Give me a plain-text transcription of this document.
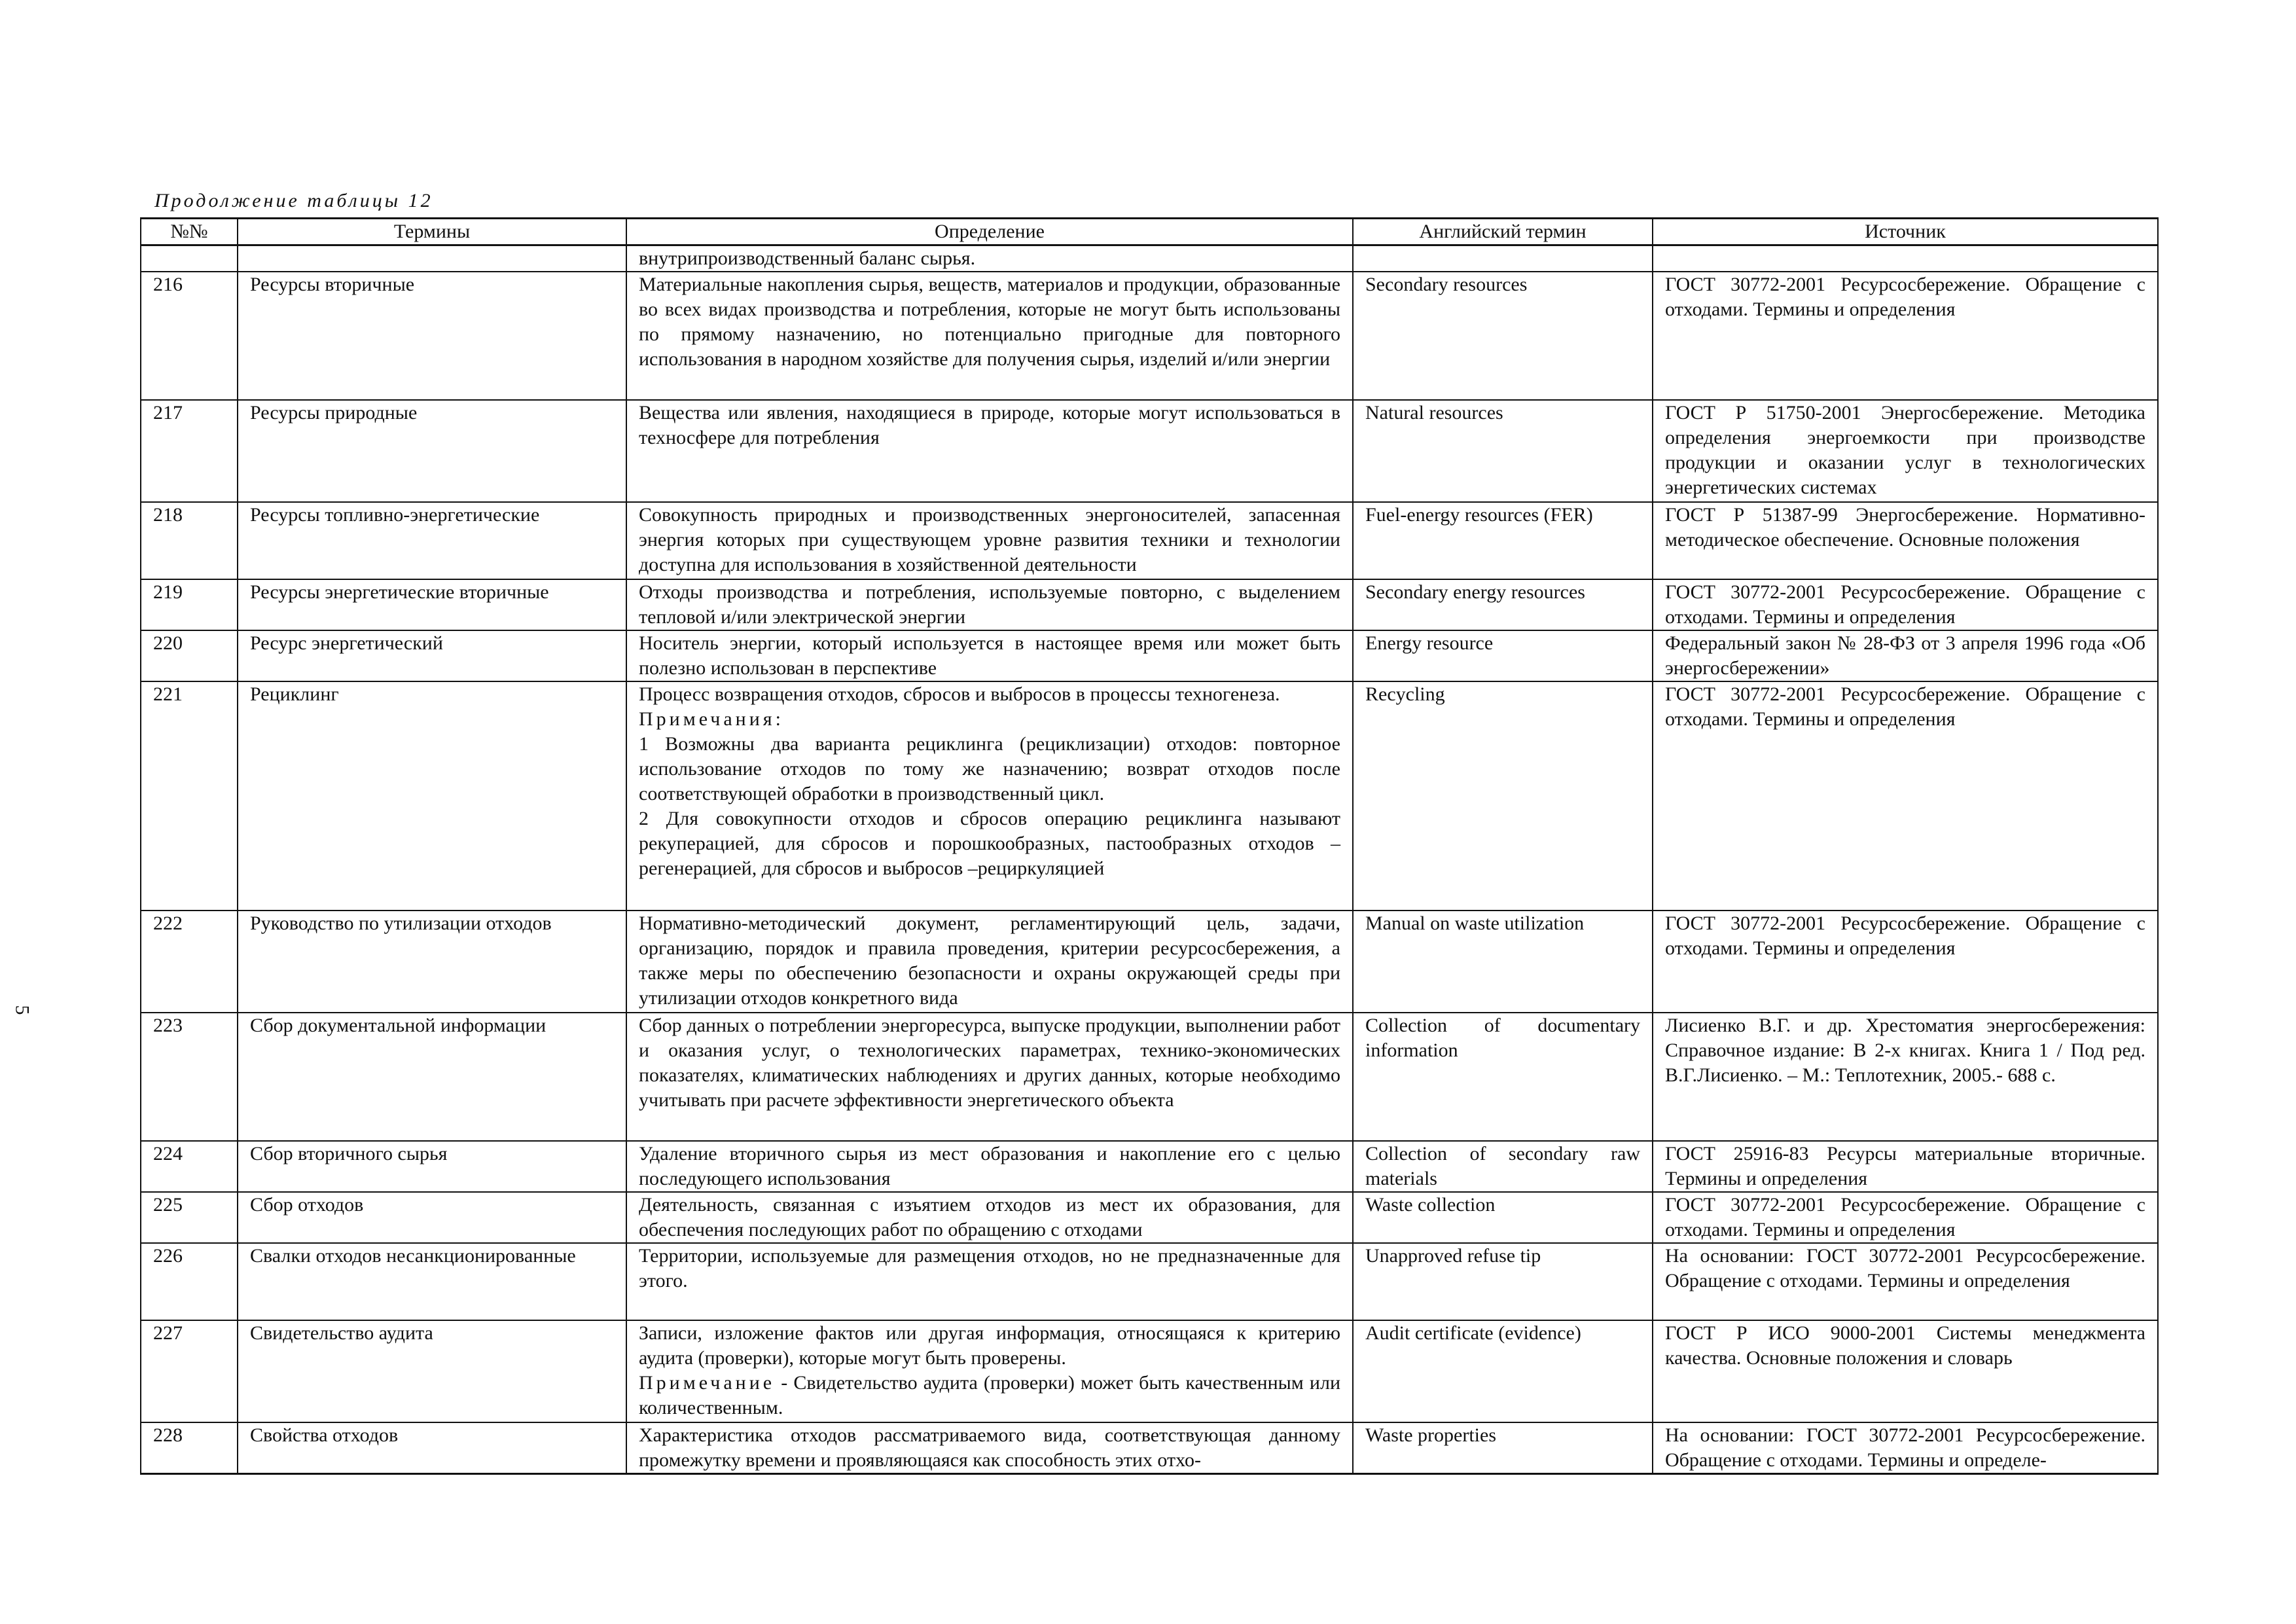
5
Продолжение таблицы 12
№№	Термины	Определение	Английский термин	Источник
		внутрипроизводственный баланс сырья.		
216	Ресурсы вторичные	Материальные накопления сырья, веществ, материалов и продукции, образованные во всех видах производства и потребления, которые не могут быть использованы по прямому назначению, но потенциально пригодные для повторного использования в народном хозяйстве для получения сырья, изделий и/или энергии	Secondary resources	ГОСТ 30772-2001 Ресурсосбережение. Обращение с отходами. Термины и определения
217	Ресурсы природные	Вещества или явления, находящиеся в природе, которые могут использоваться в техносфере для потребления	Natural resources	ГОСТ Р 51750-2001 Энергосбережение. Методика определения энергоемкости при производстве продукции и оказании услуг в технологических энергетических системах
218	Ресурсы топливно-энергетические	Совокупность природных и производственных энергоносителей, запасенная энергия которых при существующем уровне развития техники и технологии доступна для использования в хозяйственной деятельности	Fuel-energy resources (FER)	ГОСТ Р 51387-99 Энергосбережение. Нормативно-методическое обеспечение. Основные положения
219	Ресурсы энергетические вторичные	Отходы производства и потребления, используемые повторно, с выделением тепловой и/или электрической энергии	Secondary energy resources	ГОСТ 30772-2001 Ресурсосбережение. Обращение с отходами. Термины и определения
220	Ресурс энергетический	Носитель энергии, который используется в настоящее время или может быть полезно использован в перспективе	Energy resource	Федеральный закон № 28-ФЗ от 3 апреля 1996 года «Об энергосбережении»
221	Рециклинг	Процесс возвращения отходов, сбросов и выбросов в процессы техногенеза.
Примечания:
1 Возможны два варианта рециклинга (рециклизации) отходов: повторное использование отходов по тому же назначению; возврат отходов после соответствующей обработки в производственный цикл.
2 Для совокупности отходов и сбросов операцию рециклинга называют рекуперацией, для сбросов и порошкообразных, пастообразных отходов – регенерацией, для сбросов и выбросов –рециркуляцией	Recycling	ГОСТ 30772-2001 Ресурсосбережение. Обращение с отходами. Термины и определения
222	Руководство по утилизации отходов	Нормативно-методический документ, регламентирующий цель, задачи, организацию, порядок и правила проведения, критерии ресурсосбережения, а также меры по обеспечению безопасности и охраны окружающей среды при утилизации отходов конкретного вида	Manual on waste utilization	ГОСТ 30772-2001 Ресурсосбережение. Обращение с отходами. Термины и определения
223	Сбор документальной информации	Сбор данных о потреблении энергоресурса, выпуске продукции, выполнении работ и оказания услуг, о технологических параметрах, технико-экономических показателях, климатических наблюдениях и других данных, которые необходимо учитывать при расчете эффективности энергетического объекта	Collection of documentary information	Лисиенко В.Г. и др. Хрестоматия энергосбережения: Справочное издание: В 2-х книгах. Книга 1 / Под ред. В.Г.Лисиенко. – М.: Теплотехник, 2005.- 688 с.
224	Сбор вторичного сырья	Удаление вторичного сырья из мест образования и накопление его с целью последующего использования	Collection of secondary raw materials	ГОСТ 25916-83 Ресурсы материальные вторичные. Термины и определения
225	Сбор отходов	Деятельность, связанная с изъятием отходов из мест их образования, для обеспечения последующих работ по обращению с отходами	Waste collection	ГОСТ 30772-2001 Ресурсосбережение. Обращение с отходами. Термины и определения
226	Свалки отходов несанкционированные	Территории, используемые для размещения отходов, но не предназначенные для этого.	Unapproved refuse tip	На основании: ГОСТ 30772-2001 Ресурсосбережение. Обращение с отходами. Термины и определения
227	Свидетельство аудита	Записи, изложение фактов или другая информация, относящаяся к критерию аудита (проверки), которые могут быть проверены.
Примечание - Свидетельство аудита (проверки) может быть качественным или количественным.	Audit certificate (evidence)	ГОСТ Р ИСО 9000-2001 Системы менеджмента качества. Основные положения и словарь
228	Свойства отходов	Характеристика отходов рассматриваемого вида, соответствующая данному промежутку времени и проявляющаяся как способность этих отхо-	Waste properties	На основании: ГОСТ 30772-2001 Ресурсосбережение. Обращение с отходами. Термины и определе-
